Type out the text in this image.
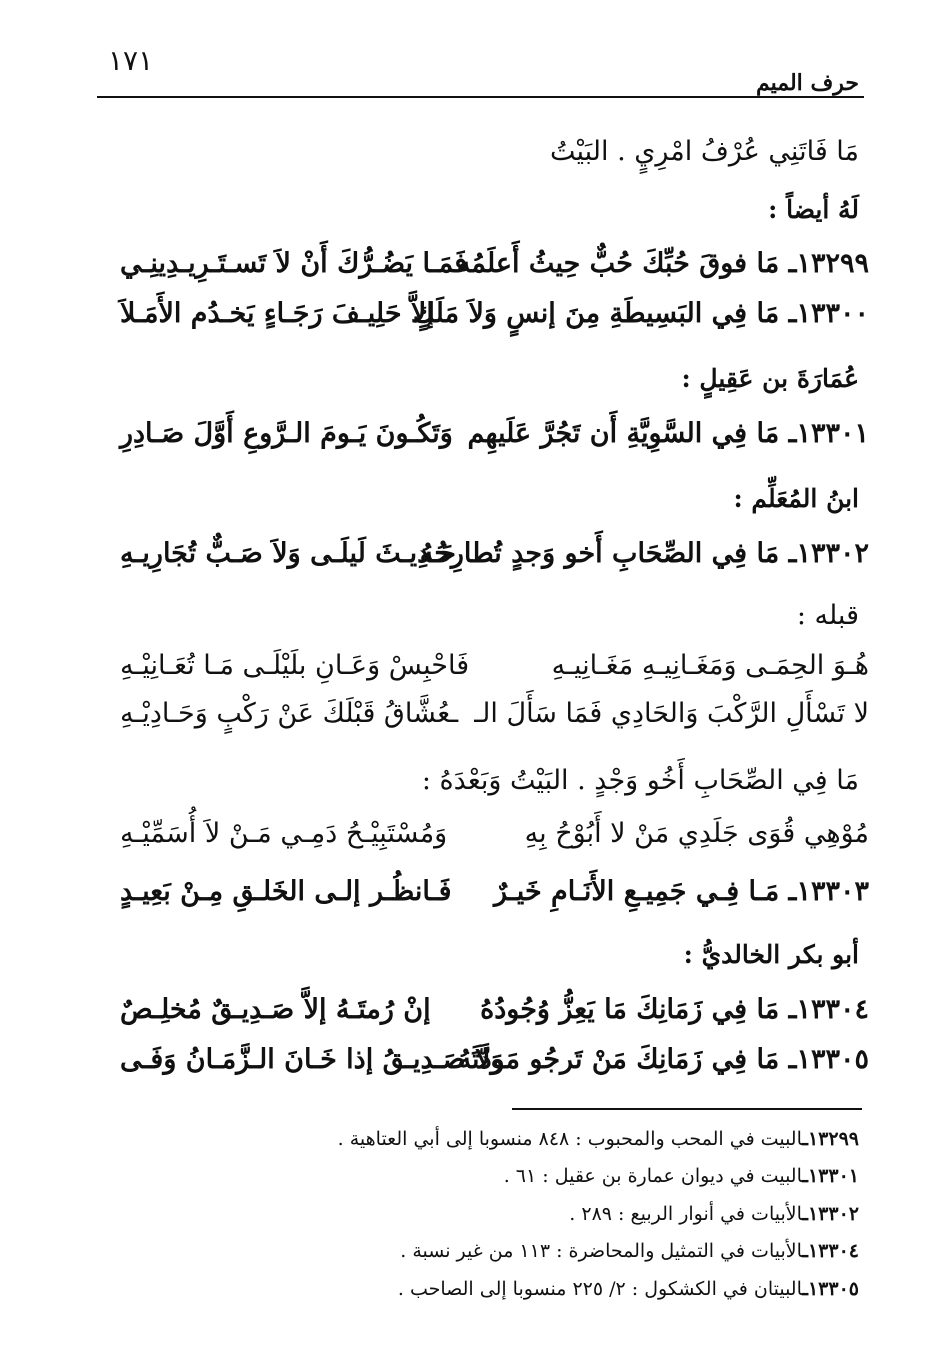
١٧١
حرف الميم
مَا فَاتَنِي عُرْفُ امْرِيٍ . البَيْتُ
لَهُ أيضاً :
١٣٢٩٩ـ مَا فوقَ حُبِّكَ حُبٌّ حِيثُ أَعلَمُه
فَمَـا يَضُـرُّكَ أَنْ لاَ تَسـتَـرِيـدِينِـي
١٣٣٠٠ـ مَا فِي البَسِيطَةِ مِنَ إنسٍ وَلاَ مَلَكٍ
إلاَّ حَلِيـفَ رَجَـاءٍ يَخـدُم الأَمَـلاَ
عُمَارَةَ بن عَقِيلٍ :
١٣٣٠١ـ مَا فِي السَّوِيَّةِ أَن تَجُرَّ عَلَيهِم
وَتَكُـونَ يَـومَ الـرَّوعِ أَوَّلَ صَـادِرِ
ابنُ المُعَلِّم :
١٣٣٠٢ـ مَا فِي الصِّحَابِ أَخو وَجدٍ تُطارِحُهُ
حَـدِيـثَ لَيلَـى وَلاَ صَـبٌّ تُجَارِيـهِ
قبله :
هُـوَ الحِمَـى وَمَغَـانِيـهِ مَغَـانِيـهِ
فَاحْبِسْ وَعَـانِ بلَيْلَـى مَـا تُعَـانِيْـهِ
لا تَسْأَلِ الرَّكْبَ وَالحَادِي فَمَا سَأَلَ الـ
ـعُشَّاقُ قَبْلَكَ عَنْ رَكْبٍ وَحَـادِيْـهِ
مَا فِي الصِّحَابِ أَخُو وَجْدٍ . البَيْتُ وَبَعْدَهُ :
مُوْهِي قُوَى جَلَدِي مَنْ لا أَبُوْحُ بِهِ
وَمُسْتَبِيْـحُ دَمِـي مَـنْ لاَ أُسَمِّيْـهِ
١٣٣٠٣ـ مَـا فِـي جَمِيـعِ الأَنَـامِ خَيـرٌ
فَـانظُـر إلـى الخَلـقِ مِـنْ بَعِيـدٍ
أبو بكر الخالديُّ :
١٣٣٠٤ـ مَا فِي زَمَانِكَ مَا يَعِزُّ وُجُودُهُ
إنْ رُمتَـهُ إلاَّ صَـدِيـقٌ مُخلِـصٌ
١٣٣٠٥ـ مَا فِي زَمَانِكَ مَنْ تَرجُو مَودَّتَهُ
وَلاَ صَـدِيـقُ إذا خَـانَ الـزَّمَـانُ وَفَـى
١٣٢٩٩ـالبيت في المحب والمحبوب : ٨٤٨ منسوبا إلى أبي العتاهية .
١٣٣٠١ـالبيت في ديوان عمارة بن عقيل : ٦١ .
١٣٣٠٢ـالأبيات في أنوار الربيع : ٢٨٩ .
١٣٣٠٤ـالأبيات في التمثيل والمحاضرة : ١١٣ من غير نسبة .
١٣٣٠٥ـالبيتان في الكشكول : ٢/ ٢٢٥ منسوبا إلى الصاحب .
